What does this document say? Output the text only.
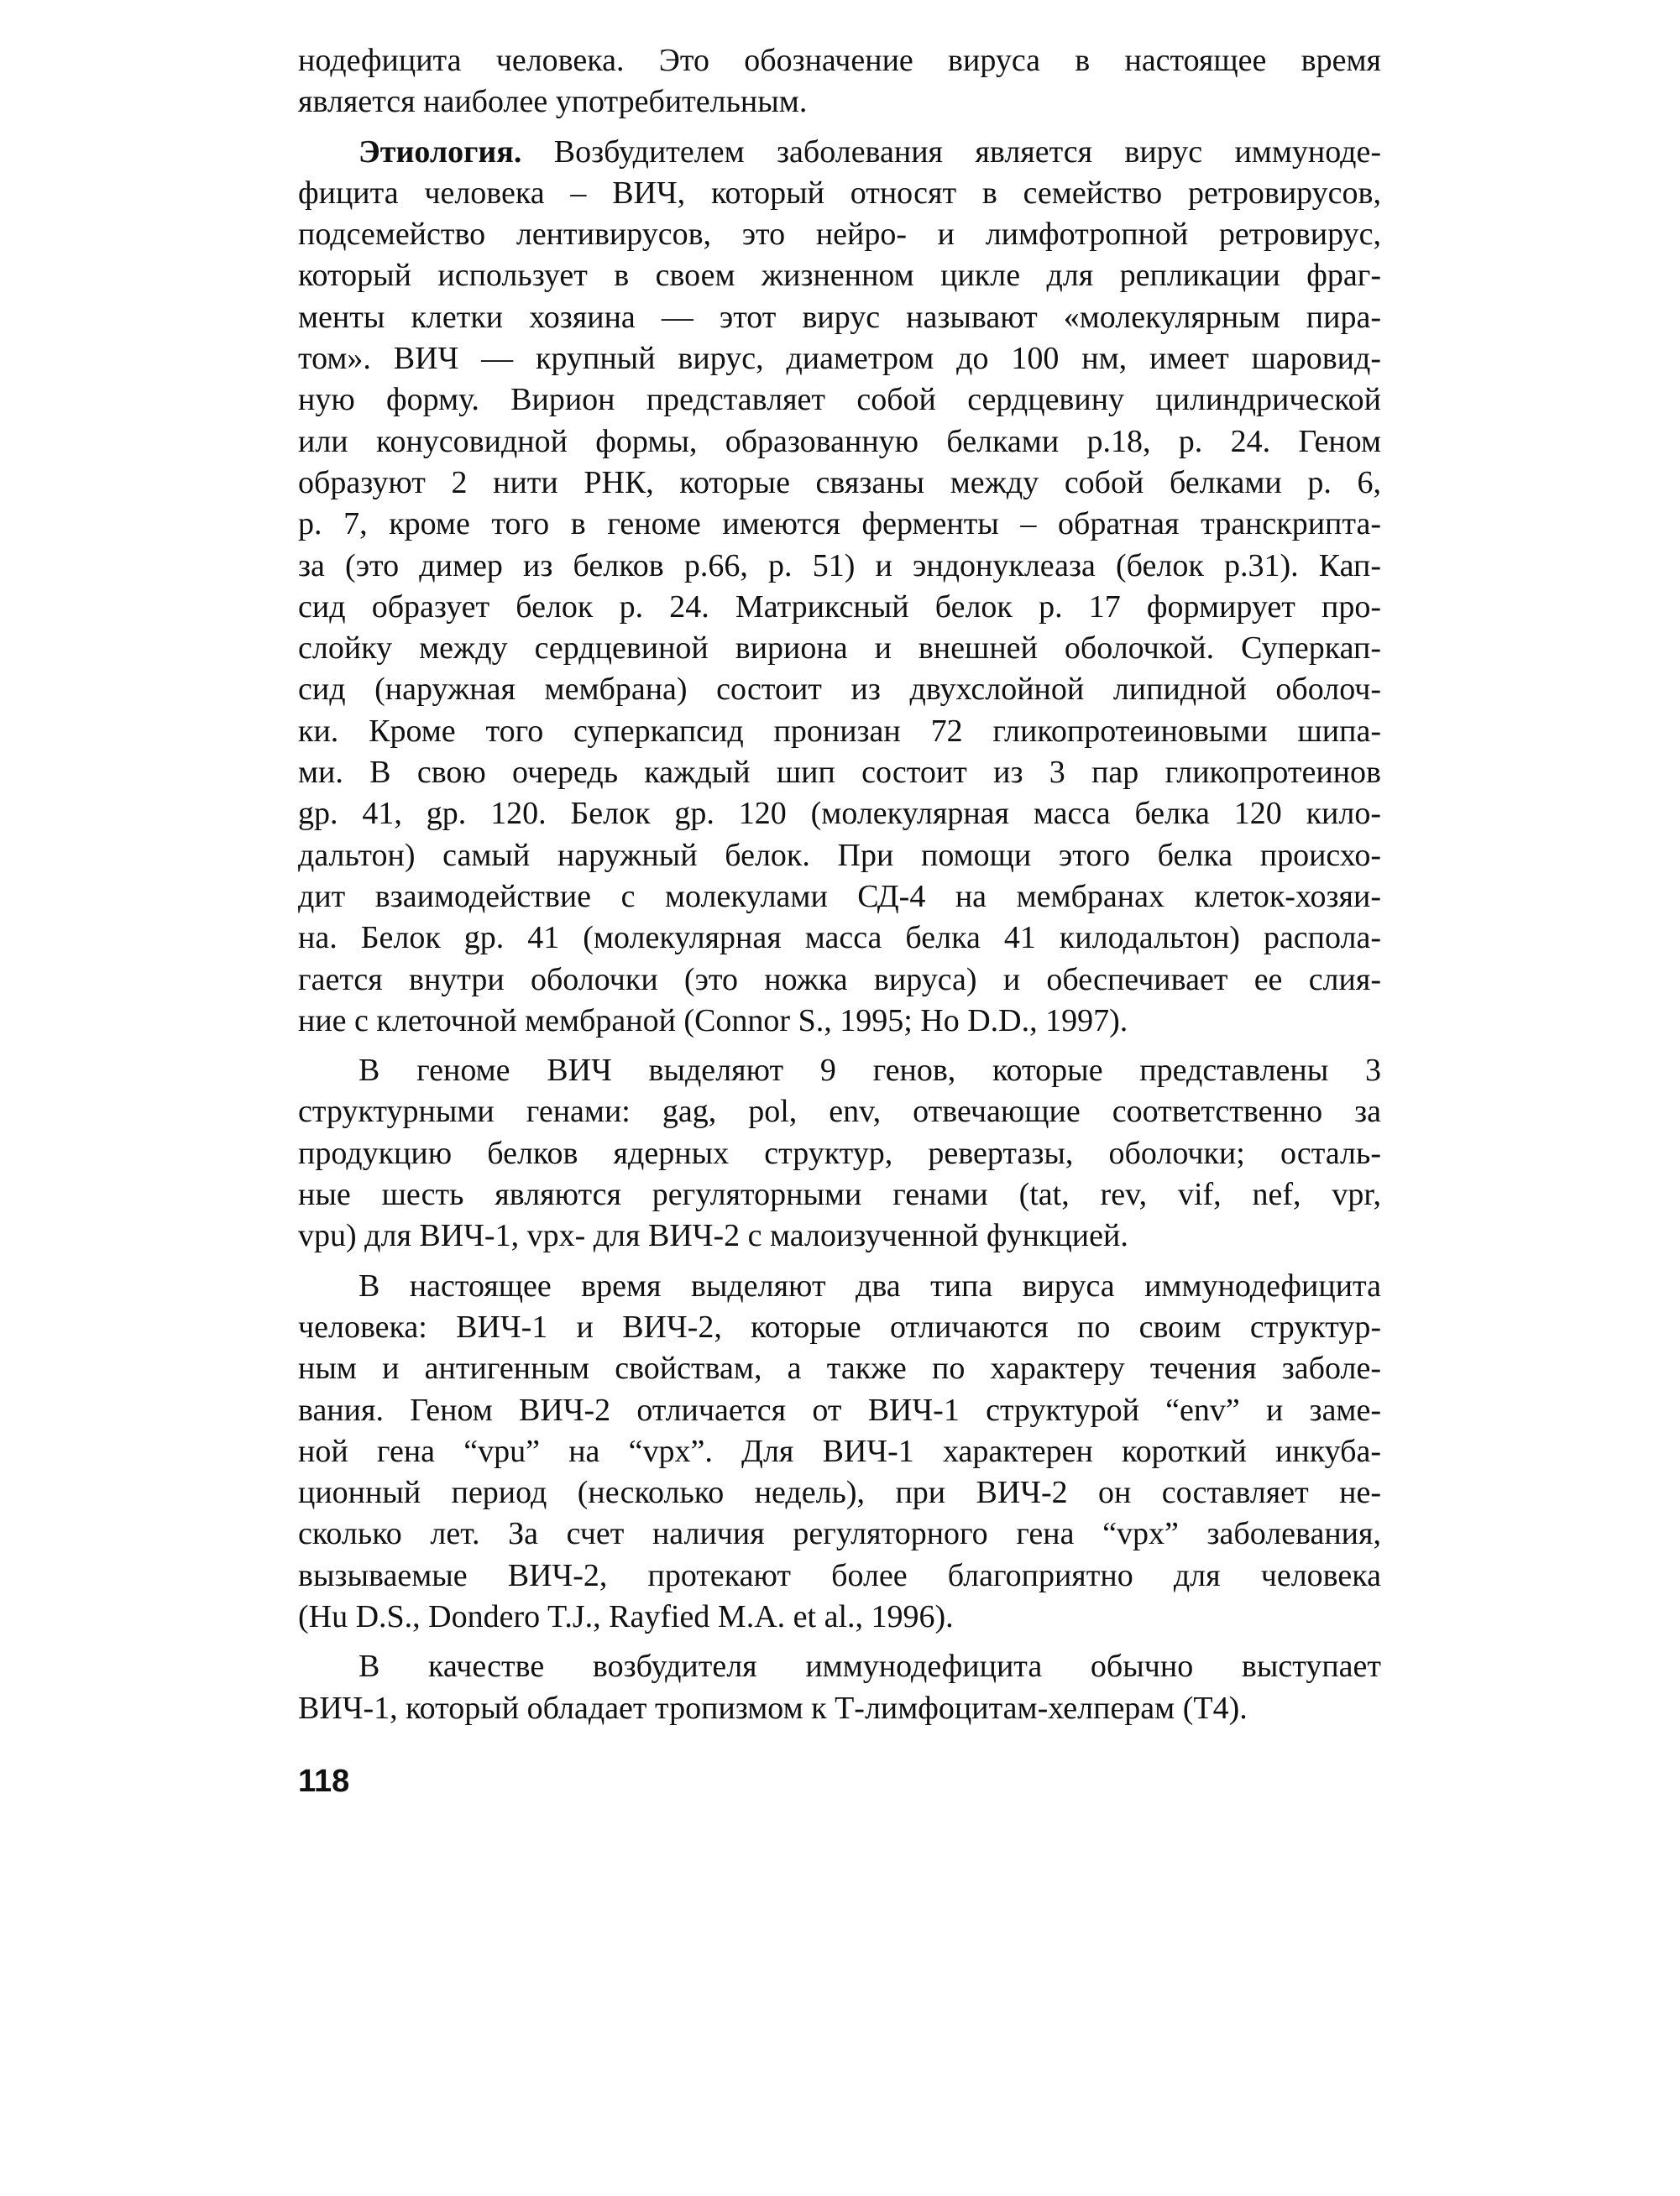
нодефицита человека. Это обозначение вируса в настоящее время
является наиболее употребительным.
Этиология. Возбудителем заболевания является вирус иммуноде-
фицита человека – ВИЧ, который относят в семейство ретровирусов,
подсемейство лентивирусов, это нейро- и лимфотропной ретровирус,
который использует в своем жизненном цикле для репликации фраг-
менты клетки хозяина — этот вирус называют «молекулярным пира-
том». ВИЧ — крупный вирус, диаметром до 100 нм, имеет шаровид-
ную форму. Вирион представляет собой сердцевину цилиндрической
или конусовидной формы, образованную белками р.18, р. 24. Геном
образуют 2 нити РНК, которые связаны между собой белками р. 6,
р. 7, кроме того в геноме имеются ферменты – обратная транскрипта-
за (это димер из белков р.66, р. 51) и эндонуклеаза (белок р.31). Кап-
сид образует белок р. 24. Матриксный белок р. 17 формирует про-
слойку между сердцевиной вириона и внешней оболочкой. Суперкап-
сид (наружная мембрана) состоит из двухслойной липидной оболоч-
ки. Кроме того суперкапсид пронизан 72 гликопротеиновыми шипа-
ми. В свою очередь каждый шип состоит из 3 пар гликопротеинов
gp. 41, gp. 120. Белок gp. 120 (молекулярная масса белка 120 кило-
дальтон) самый наружный белок. При помощи этого белка происхо-
дит взаимодействие с молекулами СД-4 на мембранах клеток-хозяи-
на. Белок gp. 41 (молекулярная масса белка 41 килодальтон) распола-
гается внутри оболочки (это ножка вируса) и обеспечивает ее слия-
ние с клеточной мембраной (Connor S., 1995; Ho D.D., 1997).
В геноме ВИЧ выделяют 9 генов, которые представлены 3
структурными генами: gag, pol, env, отвечающие соответственно за
продукцию белков ядерных структур, ревертазы, оболочки; осталь-
ные шесть являются регуляторными генами (tat, rev, vif, nef, vpr,
vpu) для ВИЧ-1, vpx- для ВИЧ-2 с малоизученной функцией.
В настоящее время выделяют два типа вируса иммунодефицита
человека: ВИЧ-1 и ВИЧ-2, которые отличаются по своим структур-
ным и антигенным свойствам, а также по характеру течения заболе-
вания. Геном ВИЧ-2 отличается от ВИЧ-1 структурой “env” и заме-
ной гена “vpu” на “vpx”. Для ВИЧ-1 характерен короткий инкуба-
ционный период (несколько недель), при ВИЧ-2 он составляет не-
сколько лет. За счет наличия регуляторного гена “vpx” заболевания,
вызываемые ВИЧ-2, протекают более благоприятно для человека
(Hu D.S., Dondero T.J., Rayfied M.A. et al., 1996).
В качестве возбудителя иммунодефицита обычно выступает
ВИЧ-1, который обладает тропизмом к Т-лимфоцитам-хелперам (Т4).
118
